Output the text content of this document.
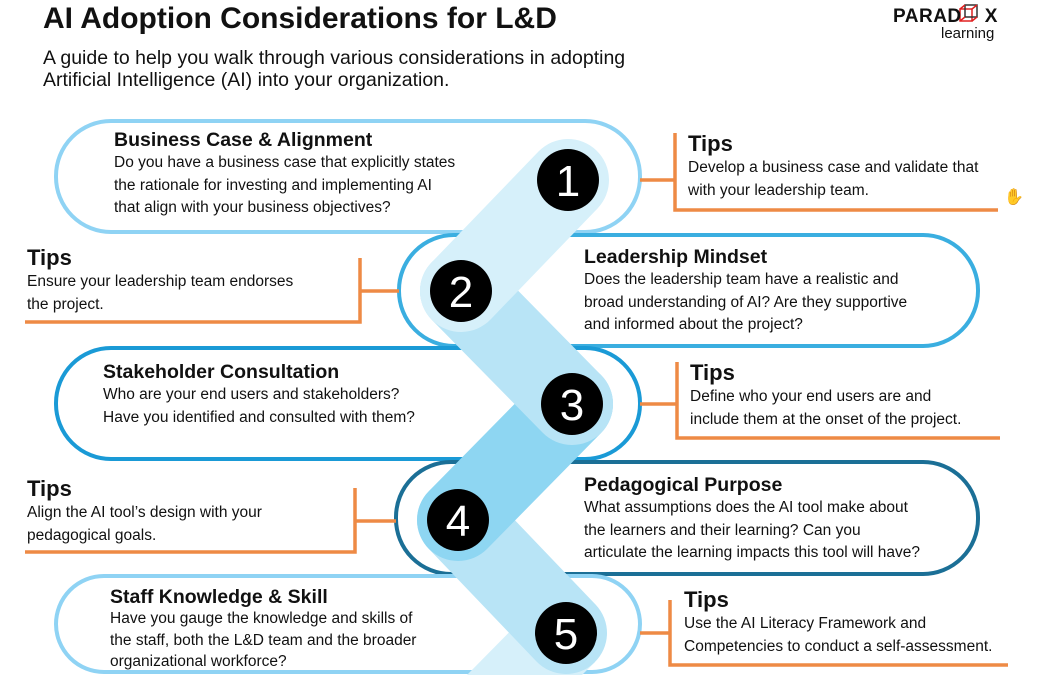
1
2
3
4
5
✋
AI Adoption Considerations for L&D
A guide to help you walk through various considerations in adopting
Artificial Intelligence (AI) into your organization.
PARAD    X
learning
Business Case & Alignment
Do you have a business case that explicitly states
the rationale for investing and implementing AI
that align with your business objectives?
Tips
Develop a business case and validate that
with your leadership team.
Leadership Mindset
Does the leadership team have a realistic and
broad understanding of AI? Are they supportive
and informed about the project?
Tips
Ensure your leadership team endorses
the project.
Stakeholder Consultation
Who are your end users and stakeholders?
Have you identified and consulted with them?
Tips
Define who your end users are and
include them at the onset of the project.
Pedagogical Purpose
What assumptions does the AI tool make about
the learners and their learning? Can you
articulate the learning impacts this tool will have?
Tips
Align the AI tool’s design with your
pedagogical goals.
Staff Knowledge & Skill
Have you gauge the knowledge and skills of
the staff, both the L&D team and the broader
organizational workforce?
Tips
Use the AI Literacy Framework and
Competencies to conduct a self-assessment.
